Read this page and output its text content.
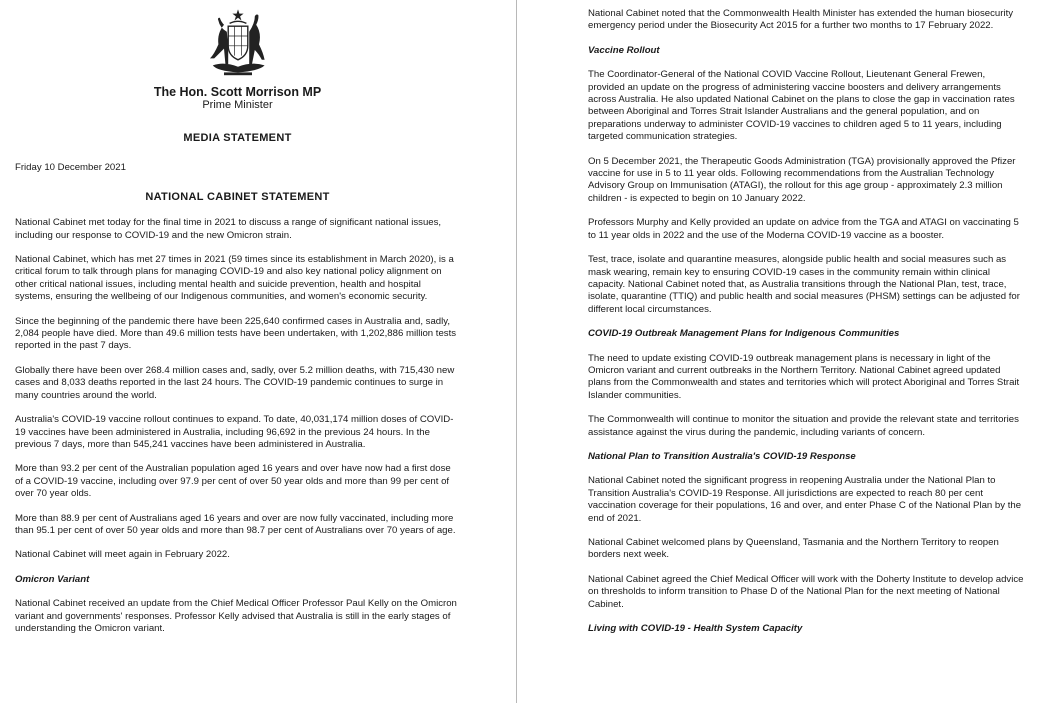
The Hon. Scott Morrison MP
Prime Minister
MEDIA STATEMENT
Friday 10 December 2021
NATIONAL CABINET STATEMENT

National Cabinet met today for the final time in 2021 to discuss a range of significant national issues, including our response to COVID-19 and the new Omicron strain.

National Cabinet, which has met 27 times in 2021 (59 times since its establishment in March 2020), is a critical forum to talk through plans for managing COVID-19 and also key national policy alignment on other critical national issues, including mental health and suicide prevention, health and hospital systems, ensuring the wellbeing of our Indigenous communities, and women's economic security.

Since the beginning of the pandemic there have been 225,640 confirmed cases in Australia and, sadly, 2,084 people have died. More than 49.6 million tests have been undertaken, with 1,202,886 million tests reported in the past 7 days.

Globally there have been over 268.4 million cases and, sadly, over 5.2 million deaths, with 715,430 new cases and 8,033 deaths reported in the last 24 hours. The COVID-19 pandemic continues to surge in many countries around the world.

Australia's COVID-19 vaccine rollout continues to expand. To date, 40,031,174 million doses of COVID-19 vaccines have been administered in Australia, including 96,692 in the previous 24 hours. In the previous 7 days, more than 545,241 vaccines have been administered in Australia.

More than 93.2 per cent of the Australian population aged 16 years and over have now had a first dose of a COVID-19 vaccine, including over 97.9 per cent of over 50 year olds and more than 99 per cent of over 70 year olds.

More than 88.9 per cent of Australians aged 16 years and over are now fully vaccinated, including more than 95.1 per cent of over 50 year olds and more than 98.7 per cent of Australians over 70 years of age.

National Cabinet will meet again in February 2022.

Omicron Variant

National Cabinet received an update from the Chief Medical Officer Professor Paul Kelly on the Omicron variant and governments' responses. Professor Kelly advised that Australia is still in the early stages of understanding the Omicron variant.

National Cabinet noted that the Commonwealth Health Minister has extended the human biosecurity emergency period under the Biosecurity Act 2015 for a further two months to 17 February 2022.

Vaccine Rollout

The Coordinator-General of the National COVID Vaccine Rollout, Lieutenant General Frewen, provided an update on the progress of administering vaccine boosters and delivery arrangements across Australia. He also updated National Cabinet on the plans to close the gap in vaccination rates between Aboriginal and Torres Strait Islander Australians and the general population, and on preparations underway to administer COVID-19 vaccines to children aged 5 to 11 years, including targeted communication strategies.

On 5 December 2021, the Therapeutic Goods Administration (TGA) provisionally approved the Pfizer vaccine for use in 5 to 11 year olds. Following recommendations from the Australian Technology Advisory Group on Immunisation (ATAGI), the rollout for this age group - approximately 2.3 million children - is expected to begin on 10 January 2022.

Professors Murphy and Kelly provided an update on advice from the TGA and ATAGI on vaccinating 5 to 11 year olds in 2022 and the use of the Moderna COVID-19 vaccine as a booster.

Test, trace, isolate and quarantine measures, alongside public health and social measures such as mask wearing, remain key to ensuring COVID-19 cases in the community remain within clinical capacity. National Cabinet noted that, as Australia transitions through the National Plan, test, trace, isolate, quarantine (TTIQ) and public health and social measures (PHSM) settings can be adjusted for different local circumstances.

COVID-19 Outbreak Management Plans for Indigenous Communities

The need to update existing COVID-19 outbreak management plans is necessary in light of the Omicron variant and current outbreaks in the Northern Territory. National Cabinet agreed updated plans from the Commonwealth and states and territories which will protect Aboriginal and Torres Strait Islander communities.

The Commonwealth will continue to monitor the situation and provide the relevant state and territories assistance against the virus during the pandemic, including variants of concern.

National Plan to Transition Australia's COVID-19 Response

National Cabinet noted the significant progress in reopening Australia under the National Plan to Transition Australia's COVID-19 Response. All jurisdictions are expected to reach 80 per cent vaccination coverage for their populations, 16 and over, and enter Phase C of the National Plan by the end of 2021.

National Cabinet welcomed plans by Queensland, Tasmania and the Northern Territory to reopen borders next week.

National Cabinet agreed the Chief Medical Officer will work with the Doherty Institute to develop advice on thresholds to inform transition to Phase D of the National Plan for the next meeting of National Cabinet.

Living with COVID-19 - Health System Capacity
